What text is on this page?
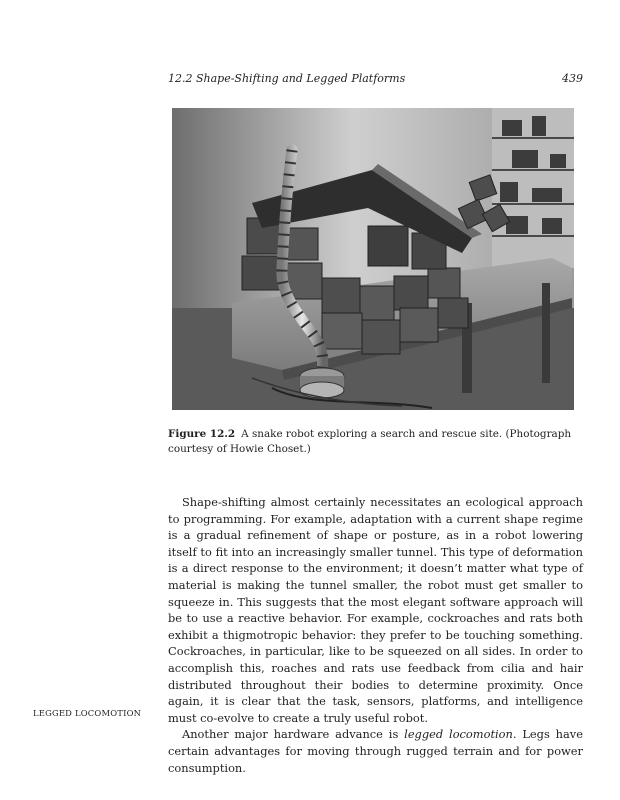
12.2 Shape-Shifting and Legged Platforms	439
Figure 12.2 A snake robot exploring a search and rescue site. (Photograph courtesy of Howie Choset.)
LEGGED LOCOMOTION

Shape-shifting almost certainly necessitates an ecological approach to programming. For example, adaptation with a current shape regime is a gradual refinement of shape or posture, as in a robot lowering itself to fit into an increasingly smaller tunnel. This type of deformation is a direct response to the environment; it doesn’t matter what type of material is making the tunnel smaller, the robot must get smaller to squeeze in. This suggests that the most elegant software approach will be to use a reactive behavior. For example, cockroaches and rats both exhibit a thigmotropic behavior: they prefer to be touching something. Cockroaches, in particular, like to be squeezed on all sides. In order to accomplish this, roaches and rats use feedback from cilia and hair distributed throughout their bodies to determine proximity. Once again, it is clear that the task, sensors, platforms, and intelligence must co-evolve to create a truly useful robot.

Another major hardware advance is legged locomotion. Legs have certain advantages for moving through rugged terrain and for power consumption.
